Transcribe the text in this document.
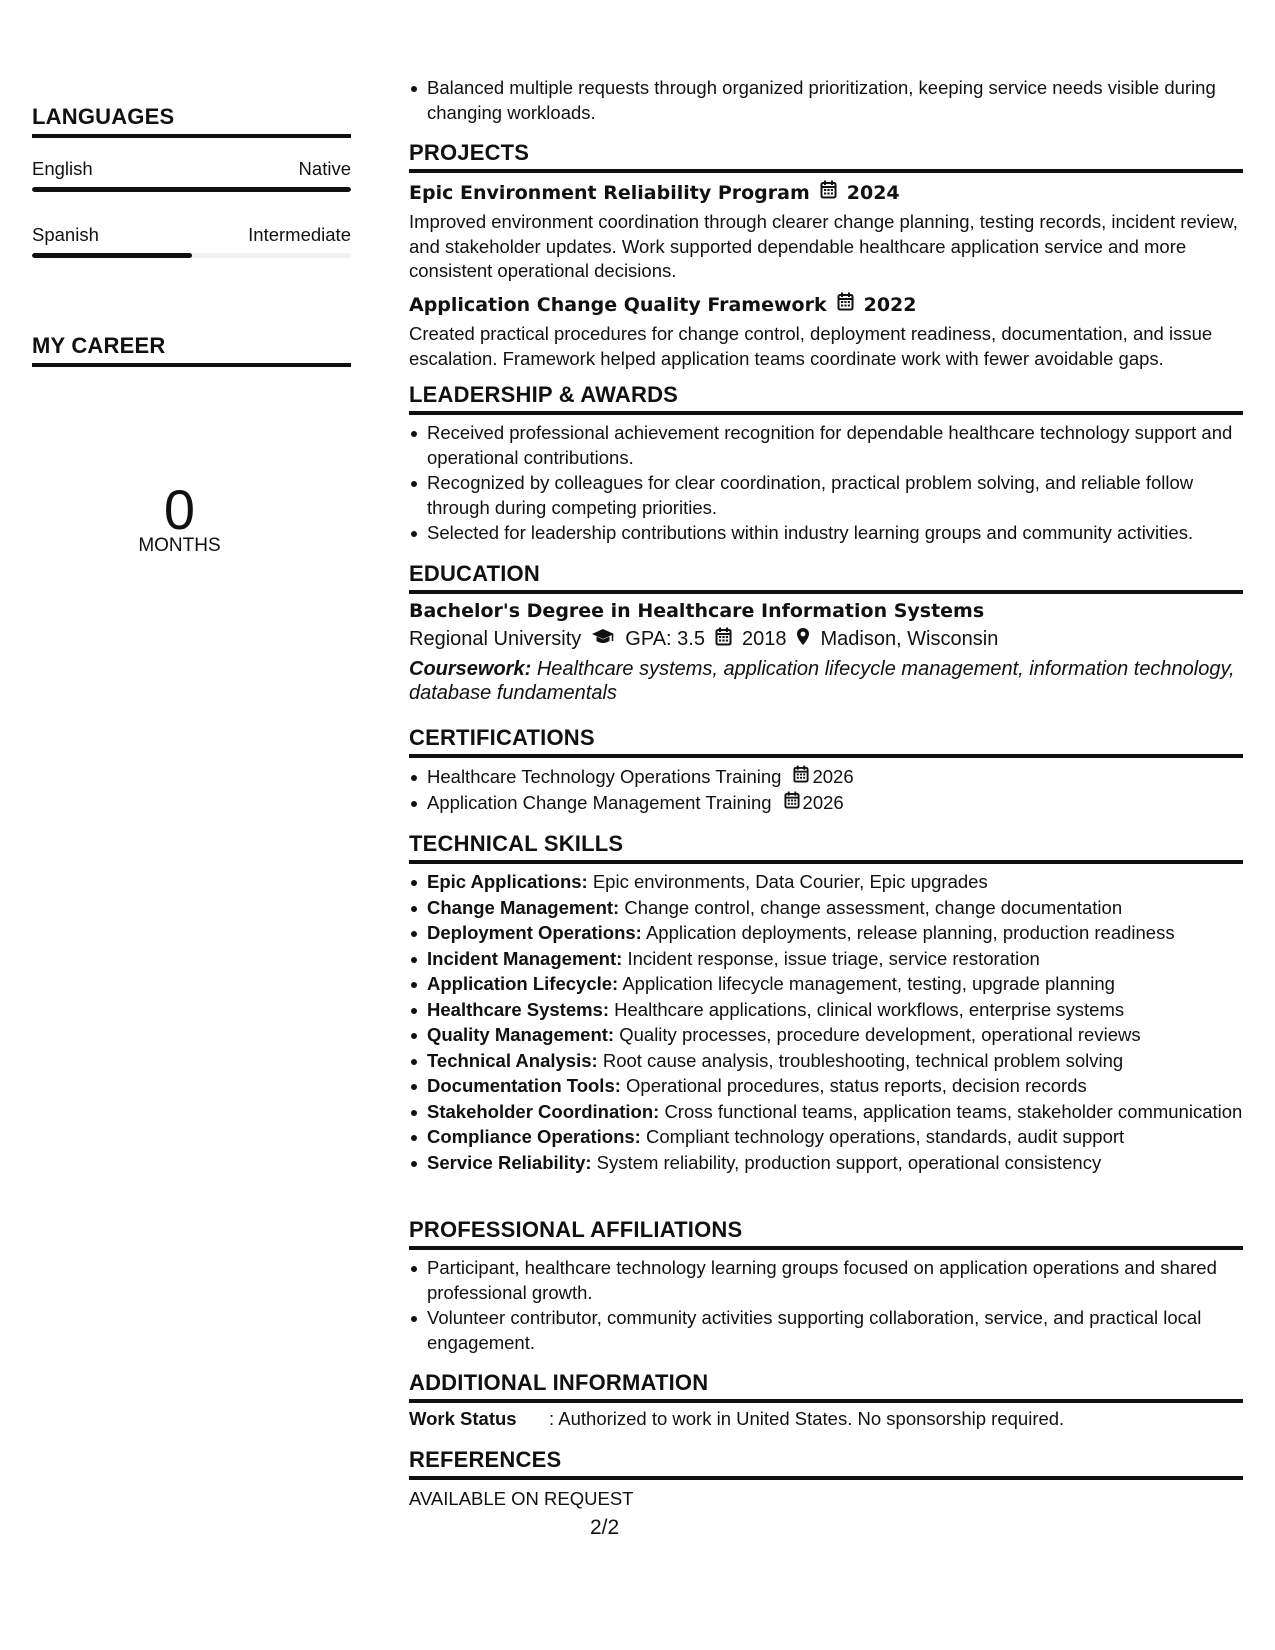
LANGUAGES
English	Native
Spanish	Intermediate
MY CAREER
0
MONTHS
Balanced multiple requests through organized prioritization, keeping service needs visible during changing workloads.
PROJECTS
Epic Environment Reliability Program 2024
Improved environment coordination through clearer change planning, testing records, incident review, and stakeholder updates. Work supported dependable healthcare application service and more consistent operational decisions.
Application Change Quality Framework 2022
Created practical procedures for change control, deployment readiness, documentation, and issue escalation. Framework helped application teams coordinate work with fewer avoidable gaps.
LEADERSHIP & AWARDS
Received professional achievement recognition for dependable healthcare technology support and operational contributions.
Recognized by colleagues for clear coordination, practical problem solving, and reliable follow through during competing priorities.
Selected for leadership contributions within industry learning groups and community activities.
EDUCATION
Bachelor's Degree in Healthcare Information Systems
Regional University GPA: 3.5 2018 Madison, Wisconsin
Coursework: Healthcare systems, application lifecycle management, information technology, database fundamentals
CERTIFICATIONS
Healthcare Technology Operations Training 2026
Application Change Management Training 2026
TECHNICAL SKILLS
Epic Applications: Epic environments, Data Courier, Epic upgrades
Change Management: Change control, change assessment, change documentation
Deployment Operations: Application deployments, release planning, production readiness
Incident Management: Incident response, issue triage, service restoration
Application Lifecycle: Application lifecycle management, testing, upgrade planning
Healthcare Systems: Healthcare applications, clinical workflows, enterprise systems
Quality Management: Quality processes, procedure development, operational reviews
Technical Analysis: Root cause analysis, troubleshooting, technical problem solving
Documentation Tools: Operational procedures, status reports, decision records
Stakeholder Coordination: Cross functional teams, application teams, stakeholder communication
Compliance Operations: Compliant technology operations, standards, audit support
Service Reliability: System reliability, production support, operational consistency
PROFESSIONAL AFFILIATIONS
Participant, healthcare technology learning groups focused on application operations and shared professional growth.
Volunteer contributor, community activities supporting collaboration, service, and practical local engagement.
ADDITIONAL INFORMATION
Work Status	: Authorized to work in United States. No sponsorship required.
REFERENCES
AVAILABLE ON REQUEST
2/2
